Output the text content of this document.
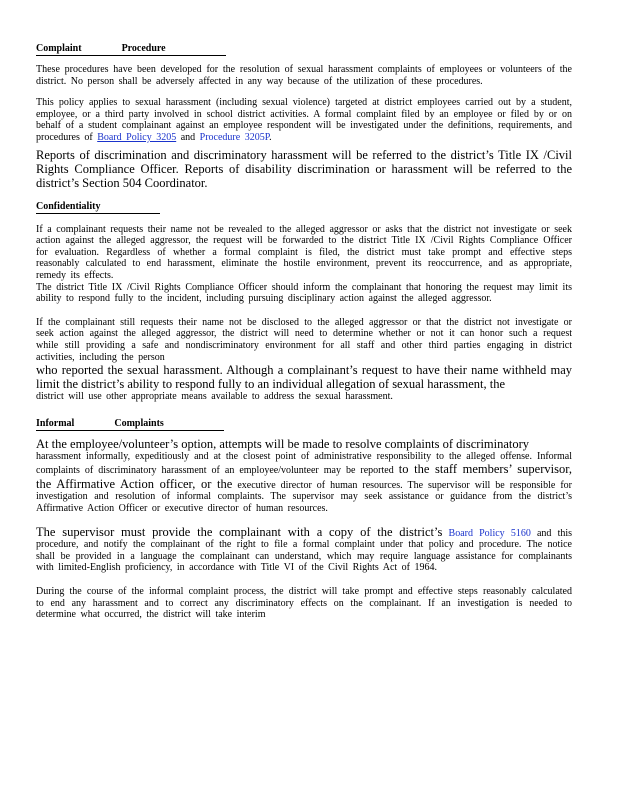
Complaint	Procedure

These procedures have been developed for the resolution of sexual harassment complaints of employees or volunteers of the district. No person shall be adversely affected in any way because of the utilization of these procedures.

This policy applies to sexual harassment (including sexual violence) targeted at district employees carried out by a student, employee, or a third party involved in school district activities. A formal complaint filed by an employee or filed by or on behalf of a student complainant against an employee respondent will be investigated under the definitions, requirements, and procedures of Board Policy 3205 and Procedure 3205P.

Reports of discrimination and discriminatory harassment will be referred to the district’s Title IX /Civil Rights Compliance Officer. Reports of disability discrimination or harassment will be referred to the district’s Section 504 Coordinator.

Confidentiality

If a complainant requests their name not be revealed to the alleged aggressor or asks that the district not investigate or seek action against the alleged aggressor, the request will be forwarded to the district Title IX /Civil Rights Compliance Officer for evaluation. Regardless of whether a formal complaint is filed, the district must take prompt and effective steps reasonably calculated to end harassment, eliminate the hostile environment, prevent its reoccurrence, and as appropriate, remedy its effects.

The district Title IX /Civil Rights Compliance Officer should inform the complainant that honoring the request may limit its ability to respond fully to the incident, including pursuing disciplinary action against the alleged aggressor.

If the complainant still requests their name not be disclosed to the alleged aggressor or that the district not investigate or seek action against the alleged aggressor, the district will need to determine whether or not it can honor such a request while still providing a safe and nondiscriminatory environment for all staff and other third parties engaging in district activities, including the person

who reported the sexual harassment. Although a complainant’s request to have their name withheld may limit the district’s ability to respond fully to an individual allegation of sexual harassment, the

district will use other appropriate means available to address the sexual harassment.

Informal	Complaints

At the employee/volunteer’s option, attempts will be made to resolve complaints of discriminatory

harassment informally, expeditiously and at the closest point of administrative responsibility to the alleged offense. Informal complaints of discriminatory harassment of an employee/volunteer may be reported to the staff members’ supervisor, the Affirmative Action officer, or the executive director of human resources. The supervisor will be responsible for investigation and resolution of informal complaints. The supervisor may seek assistance or guidance from the district’s Affirmative Action Officer or executive director of human resources.

The supervisor must provide the complainant with a copy of the district’s Board Policy 5160 and this procedure, and notify the complainant of the right to file a formal complaint under that policy and procedure. The notice shall be provided in a language the complainant can understand, which may require language assistance for complainants with limited-English proficiency, in accordance with Title VI of the Civil Rights Act of 1964.

During the course of the informal complaint process, the district will take prompt and effective steps reasonably calculated to end any harassment and to correct any discriminatory effects on the complainant. If an investigation is needed to determine what occurred, the district will take interim
